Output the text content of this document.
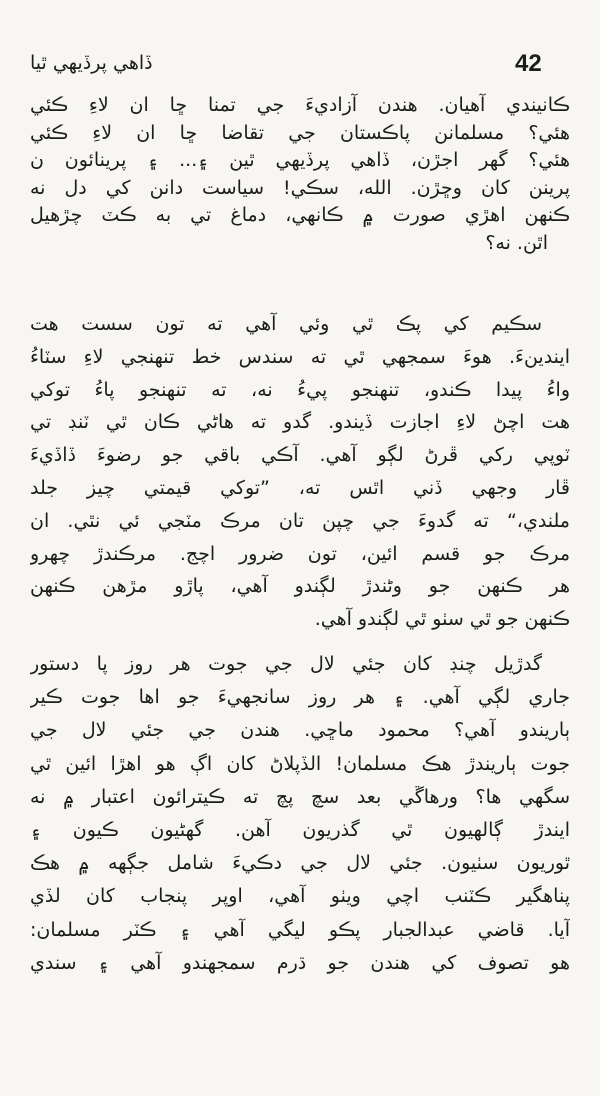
ڏاهي پرڏيهي ٿيا	42
ڪانيندي آهيان. هندن آزاديءَ جي تمنا ڇا ان لاءِ ڪئي
هئي؟ مسلمانن پاڪستان جي تقاضا ڇا ان لاءِ ڪئي
هئي؟ گهر اجڙن، ڏاهي پرڏيهي ٿين ۽... ۽ پرينائون ن
پرينن کان وڇڙن. الله، سڪي! سياست دانن کي دل نه
ڪنهن اهڙي صورت ۾ ڪانهي، دماغ تي به ڪٽ چڙهيل
اٿن. نه؟
سڪيم کي پڪ ٿي وئي آهي ته تون سست هت
ايندينءَ. هوءَ سمجهي ٿي ته سندس خط تنهنجي لاءِ سٽاءُ
واءُ پيدا ڪندو، تنهنجو پيءُ نه، ته تنهنجو پاءُ توکي
هت اچڻ لاءِ اجازت ڏيندو. گدو ته هاڻي ڪان ٿي ٽنڊ تي
ٽوپي رکي ڦرڻ لڳو آهي. آڪي باقي جو رضوءَ ڏاڏيءَ
ڦار وجهي ڏني اٿس ته، ”توکي قيمتي چيز جلد
ملندي،“ ته گدوءَ جي چپن تان مرڪ مٽجي ئي نٿي. ان
مرڪ جو قسم ائين، تون ضرور اچج. مرڪندڙ چهرو
هر ڪنهن جو وڻندڙ لڳندو آهي، پاڙو مڙهن ڪنهن
ڪنهن جو ٿي سٺو ٿي لڳندو آهي.
گدڙيل چنڊ کان جئي لال جي جوت هر روز پا دستور
جاري لڳي آهي. ۽ هر روز سانجهيءَ جو اها جوت ڪير
ٻاريندو آهي؟ محمود ماڇي. هندن جي جئي لال جي
جوت ٻاريندڙ هڪ مسلمان! الڏپلاڻ کان اڳ هو اهڙا ائين ٿي
سگهي ها؟ ورهاڱي بعد سچ پچ ته ڪيترائون اعتبار ۾ نه
ايندڙ ڳالهيون ٿي گذريون آهن. گهڻيون ڪيون ۽
ٿوريون سٺيون. جئي لال جي دڪيءَ شامل جڳهه ۾ هڪ
پناهگير ڪٽنب اچي ويٺو آهي، اوپر پنجاب کان لڏي
آيا. قاضي عبدالجبار پڪو ليگي آهي ۽ ڪٽر مسلمان:
هو تصوف کي هندن جو ڌرم سمجهندو آهي ۽ سندي
